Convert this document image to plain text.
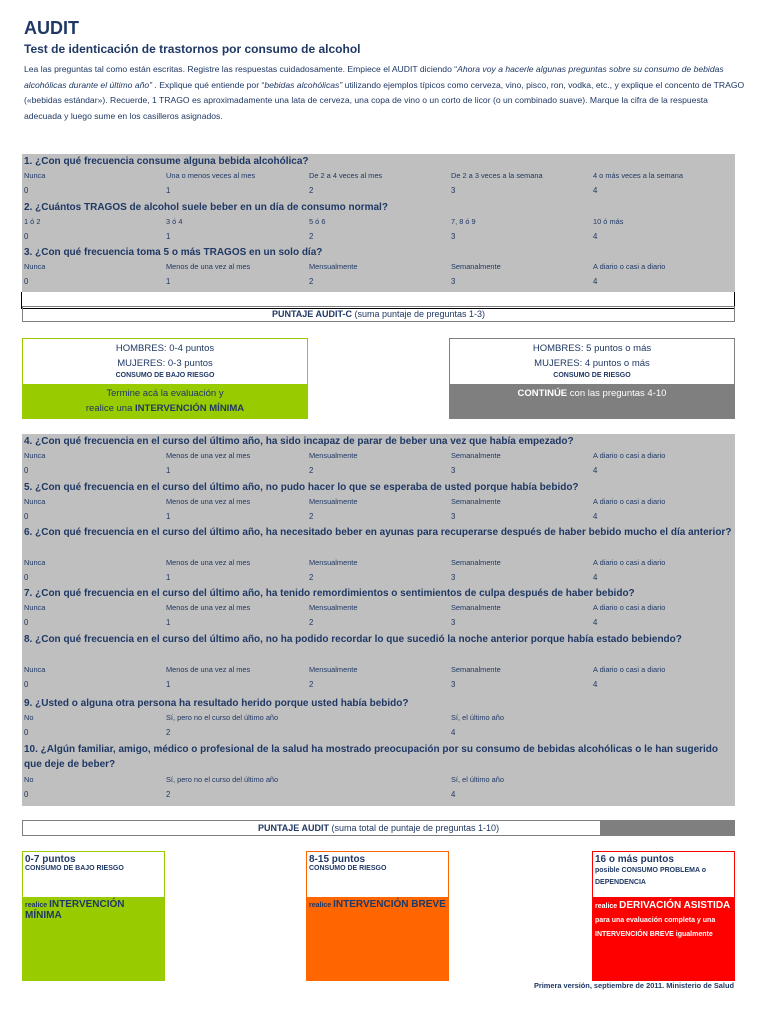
AUDIT
Test de identicación de trastornos por consumo de alcohol
Lea las preguntas tal como están escritas. Registre las respuestas cuidadosamente. Empiece el AUDIT diciendo “Ahora voy a hacerle algunas preguntas sobre su consumo de bebidas alcohólicas durante el último año” . Explique qué entiende por “bebidas alcohólicas” utilizando ejemplos típicos como cerveza, vino, pisco, ron, vodka, etc., y explique el concento de TRAGO («bebidas estándar»). Recuerde, 1 TRAGO es aproximadamente una lata de cerveza, una copa de vino o un corto de licor (o un combinado suave). Marque la cifra de la respuesta adecuada y luego sume en los casilleros asignados.
PUNTAJE AUDIT-C (suma puntaje de preguntas 1-3)
HOMBRES: 0-4 puntos
MUJERES: 0-3 puntos
CONSUMO DE BAJO RIESGO
Termine acá la evaluación y
realice una INTERVENCIÓN MÍNIMA
HOMBRES: 5 puntos o más
MUJERES: 4 puntos o más
CONSUMO DE RIESGO
CONTINÚE con las preguntas 4-10
PUNTAJE AUDIT (suma total de puntaje de preguntas 1-10)
0-7 puntos
CONSUMO DE BAJO RIESGO
realice INTERVENCIÓN MÍNIMA
8-15 puntos
CONSUMO DE RIESGO
realice INTERVENCIÓN BREVE
16 o más puntos
posible CONSUMO PROBLEMA o DEPENDENCIA
realice DERIVACIÓN ASISTIDA para una evaluación completa y una INTERVENCIÓN BREVE igualmente
Primera versión, septiembre de 2011. Ministerio de Salud
1. ¿Con qué frecuencia consume alguna bebida alcohólica?
Nunca
0
Una o menos veces al mes
1
De 2 a 4 veces al mes
2
De 2 a 3 veces a la semana
3
4 o más veces a la semana
4
2. ¿Cuántos TRAGOS de alcohol suele beber en un día de consumo normal?
1 ó 2
0
3 ó 4
1
5 ó 6
2
7, 8 ó 9
3
10 ó más
4
3. ¿Con qué frecuencia toma 5 o más TRAGOS en un solo día?
Nunca
0
Menos de una vez al mes
1
Mensualmente
2
Semanalmente
3
A diario o casi a diario
4
4. ¿Con qué frecuencia en el curso del último año, ha sido incapaz de parar de beber una vez que había empezado?
Nunca
0
Menos de una vez al mes
1
Mensualmente
2
Semanalmente
3
A diario o casi a diario
4
5. ¿Con qué frecuencia en el curso del último año, no pudo hacer lo que se esperaba de usted porque había bebido?
Nunca
0
Menos de una vez al mes
1
Mensualmente
2
Semanalmente
3
A diario o casi a diario
4
6. ¿Con qué frecuencia en el curso del último año, ha necesitado beber en ayunas para recuperarse después de haber bebido mucho el día anterior?
Nunca
0
Menos de una vez al mes
1
Mensualmente
2
Semanalmente
3
A diario o casi a diario
4
7. ¿Con qué frecuencia en el curso del último año, ha tenido remordimientos o sentimientos de culpa después de haber bebido?
Nunca
0
Menos de una vez al mes
1
Mensualmente
2
Semanalmente
3
A diario o casi a diario
4
8. ¿Con qué frecuencia en el curso del último año, no ha podido recordar lo que sucedió la noche anterior porque había estado bebiendo?
Nunca
0
Menos de una vez al mes
1
Mensualmente
2
Semanalmente
3
A diario o casi a diario
4
9. ¿Usted o alguna otra persona ha resultado herido porque usted había bebido?
No
0
Sí, pero no el curso del último año
2
Sí, el último año
4
10. ¿Algún familiar, amigo, médico o profesional de la salud ha mostrado preocupación por su consumo de bebidas alcohólicas o le han sugerido que deje de beber?
No
0
Sí, pero no el curso del último año
2
Sí, el último año
4
